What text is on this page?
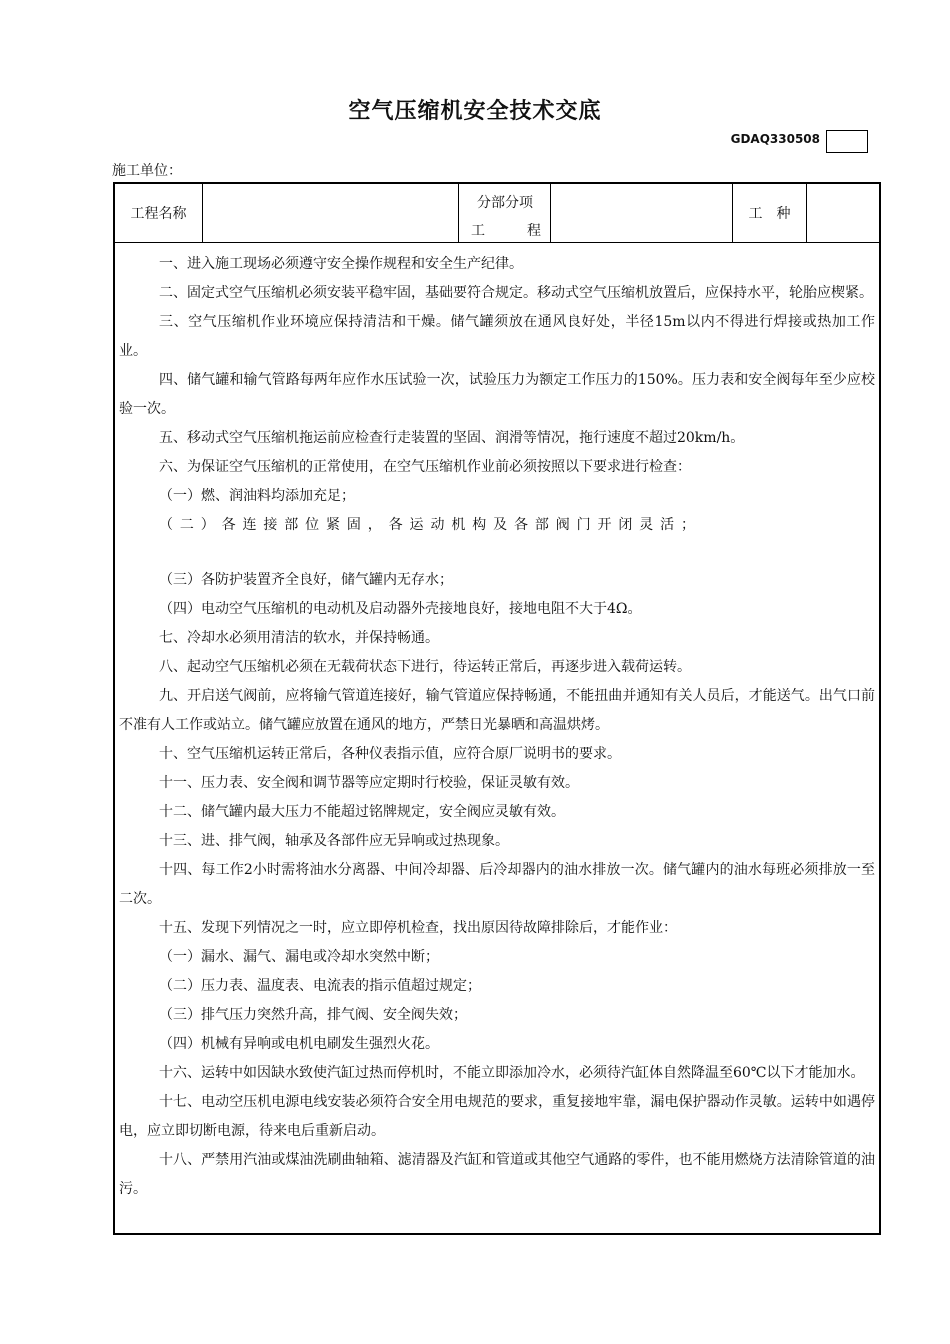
空气压缩机安全技术交底
GDAQ330508
施工单位：
工程名称
分部分项
工	程
工 种

一、进入施工现场必须遵守安全操作规程和安全生产纪律。

二、固定式空气压缩机必须安装平稳牢固，基础要符合规定。移动式空气压缩机放置后，应保持水平，轮胎应楔紧。

三、空气压缩机作业环境应保持清洁和干燥。储气罐须放在通风良好处，半径15m以内不得进行焊接或热加工作业。

四、储气罐和输气管路每两年应作水压试验一次，试验压力为额定工作压力的150%。压力表和安全阀每年至少应校验一次。

五、移动式空气压缩机拖运前应检查行走装置的坚固、润滑等情况，拖行速度不超过20km/h。

六、为保证空气压缩机的正常使用，在空气压缩机作业前必须按照以下要求进行检查：

（一）燃、润油料均添加充足；

（二）各连接部位紧固，各运动机构及各部阀门开闭灵活；

（三）各防护装置齐全良好，储气罐内无存水；

（四）电动空气压缩机的电动机及启动器外壳接地良好，接地电阻不大于4Ω。

七、冷却水必须用清洁的软水，并保持畅通。

八、起动空气压缩机必须在无载荷状态下进行，待运转正常后，再逐步进入载荷运转。

九、开启送气阀前，应将输气管道连接好，输气管道应保持畅通，不能扭曲并通知有关人员后，才能送气。出气口前不准有人工作或站立。储气罐应放置在通风的地方，严禁日光暴晒和高温烘烤。

十、空气压缩机运转正常后，各种仪表指示值，应符合原厂说明书的要求。

十一、压力表、安全阀和调节器等应定期时行校验，保证灵敏有效。

十二、储气罐内最大压力不能超过铭牌规定，安全阀应灵敏有效。

十三、进、排气阀，轴承及各部件应无异响或过热现象。

十四、每工作2小时需将油水分离器、中间冷却器、后冷却器内的油水排放一次。储气罐内的油水每班必须排放一至二次。

十五、发现下列情况之一时，应立即停机检查，找出原因待故障排除后，才能作业：

（一）漏水、漏气、漏电或冷却水突然中断；

（二）压力表、温度表、电流表的指示值超过规定；

（三）排气压力突然升高，排气阀、安全阀失效；

（四）机械有异响或电机电刷发生强烈火花。

十六、运转中如因缺水致使汽缸过热而停机时，不能立即添加冷水，必须待汽缸体自然降温至60℃以下才能加水。

十七、电动空压机电源电线安装必须符合安全用电规范的要求，重复接地牢靠，漏电保护器动作灵敏。运转中如遇停电，应立即切断电源，待来电后重新启动。

十八、严禁用汽油或煤油洗刷曲轴箱、滤清器及汽缸和管道或其他空气通路的零件，也不能用燃烧方法清除管道的油污。
